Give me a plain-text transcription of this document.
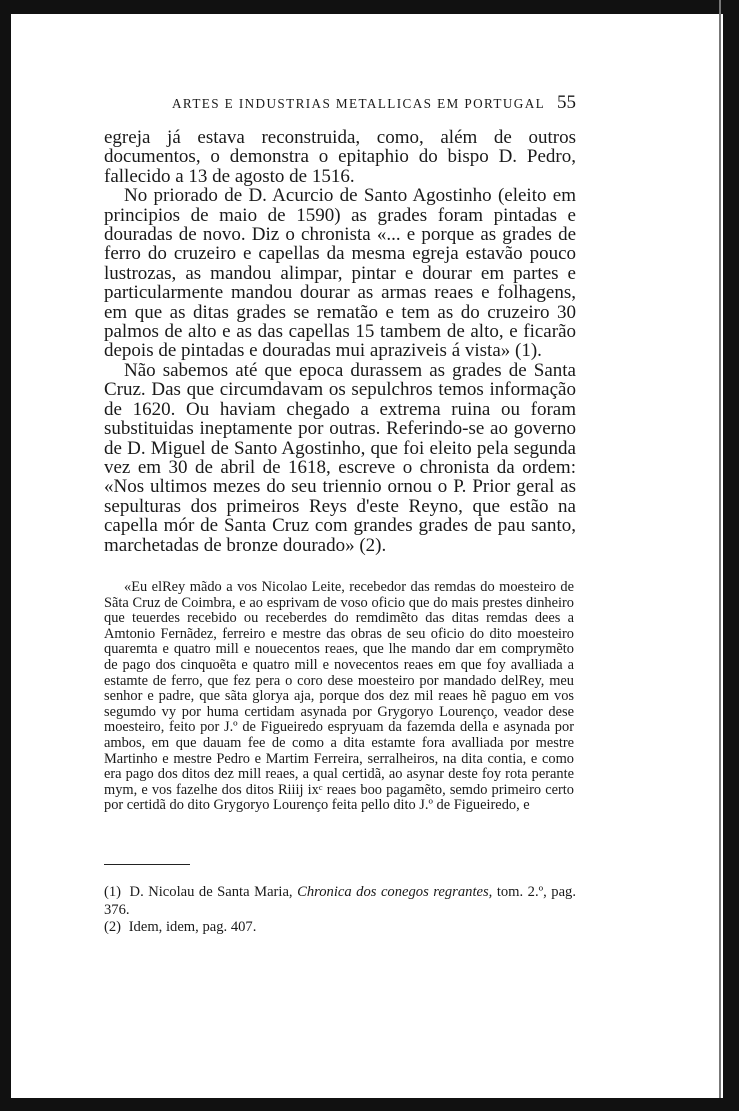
ARTES E INDUSTRIAS METALLICAS EM PORTUGAL 55

egreja já estava reconstruida, como, além de outros documentos, o demonstra o epitaphio do bispo D. Pedro, fallecido a 13 de agosto de 1516.

No priorado de D. Acurcio de Santo Agostinho (eleito em principios de maio de 1590) as grades foram pintadas e douradas de novo. Diz o chronista «... e porque as grades de ferro do cruzeiro e capellas da mesma egreja estavão pouco lustrozas, as mandou alimpar, pintar e dourar em partes e particularmente mandou dourar as armas reaes e folhagens, em que as ditas grades se rematão e tem as do cruzeiro 30 palmos de alto e as das capellas 15 tambem de alto, e ficarão depois de pintadas e douradas mui apraziveis á vista» (1).

Não sabemos até que epoca durassem as grades de Santa Cruz. Das que circumdavam os sepulchros temos informação de 1620. Ou haviam chegado a extrema ruina ou foram substituidas ineptamente por outras. Referindo-se ao governo de D. Miguel de Santo Agostinho, que foi eleito pela segunda vez em 30 de abril de 1618, escreve o chronista da ordem: «Nos ultimos mezes do seu triennio ornou o P. Prior geral as sepulturas dos primeiros Reys d'este Reyno, que estão na capella mór de Santa Cruz com grandes grades de pau santo, marchetadas de bronze dourado» (2).

«Eu elRey mãdo a vos Nicolao Leite, recebedor das remdas do moesteiro de Sãta Cruz de Coimbra, e ao esprivam de voso oficio que do mais prestes dinheiro que teuerdes recebido ou receberdes do remdimẽto das ditas remdas dees a Amtonio Fernãdez, ferreiro e mestre das obras de seu oficio do dito moesteiro quaremta e quatro mill e nouecentos reaes, que lhe mando dar em comprymẽto de pago dos cinquoẽta e quatro mill e novecentos reaes em que foy avalliada a estamte de ferro, que fez pera o coro dese moesteiro por mandado delRey, meu senhor e padre, que sãta glorya aja, porque dos dez mil reaes hẽ paguo em vos segumdo vy por huma certidam asynada por Grygoryo Lourenço, veador dese moesteiro, feito por J.º de Figueiredo espryuam da fazemda della e asynada por ambos, em que dauam fee de como a dita estamte fora avalliada por mestre Martinho e mestre Pedro e Martim Ferreira, serralheiros, na dita contia, e como era pago dos ditos dez mill reaes, a qual certidã, ao asynar deste foy rota perante mym, e vos fazelhe dos ditos Riiij ixᶜ reaes boo pagamẽto, semdo primeiro certo por certidã do dito Grygoryo Lourenço feita pello dito J.º de Figueiredo, e

(1) D. Nicolau de Santa Maria, Chronica dos conegos regrantes, tom. 2.º, pag. 376.

(2) Idem, idem, pag. 407.
